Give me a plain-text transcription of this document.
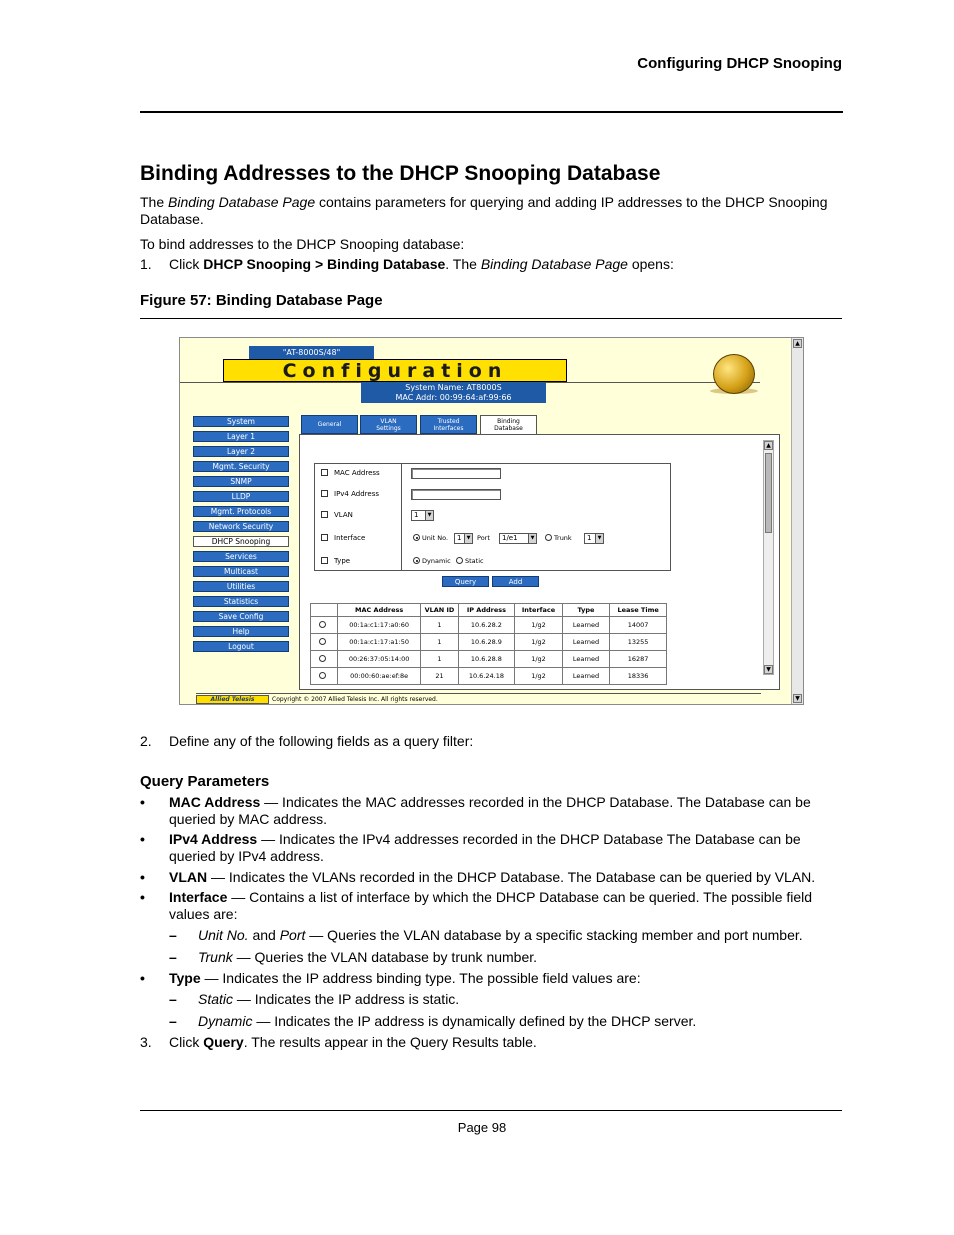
Configuring DHCP Snooping
Binding Addresses to the DHCP Snooping Database

The Binding Database Page contains parameters for querying and adding IP addresses to the DHCP Snooping Database.

To bind addresses to the DHCP Snooping database:

1. Click DHCP Snooping > Binding Database. The Binding Database Page opens:

Figure 57: Binding Database Page
"AT-8000S/48"
Configuration
System Name: AT8000S
MAC Addr: 00:99:64:af:99:66
▲
▼
System
Layer 1
Layer 2
Mgmt. Security
SNMP
LLDP
Mgmt. Protocols
Network Security
DHCP Snooping
Services
Multicast
Utilities
Statistics
Save Config
Help
Logout
General	VLAN
Settings
Trusted
Interfaces
Binding
Database
▲
▼
MAC Address
IPv4 Address
VLAN	1	▼
Interface	Unit No.	1	▼ Port	1/e1	▼	Trunk	1	▼
Type	Dynamic	Static
Query	Add
	MAC Address	VLAN ID	IP Address	Interface	Type	Lease Time
	00:1a:c1:17:a0:60	1	10.6.28.2	1/g2	Learned	14007
	00:1a:c1:17:a1:50	1	10.6.28.9	1/g2	Learned	13255
	00:26:37:05:14:00	1	10.6.28.8	1/g2	Learned	16287
	00:00:60:ae:ef:8e	21	10.6.24.18	1/g2	Learned	18336
Allied Telesis	Copyright © 2007 Allied Telesis Inc. All rights reserved.
2. Define any of the following fields as a query filter:

Query Parameters
• MAC Address — Indicates the MAC addresses recorded in the DHCP Database. The Database can be queried by MAC address.

• IPv4 Address — Indicates the IPv4 addresses recorded in the DHCP Database The Database can be queried by IPv4 address.

• VLAN — Indicates the VLANs recorded in the DHCP Database. The Database can be queried by VLAN.

• Interface — Contains a list of interface by which the DHCP Database can be queried. The possible field values are:

– Unit No. and Port — Queries the VLAN database by a specific stacking member and port number.

– Trunk — Queries the VLAN database by trunk number.

• Type — Indicates the IP address binding type. The possible field values are:

– Static — Indicates the IP address is static.

– Dynamic — Indicates the IP address is dynamically defined by the DHCP server.

3. Click Query. The results appear in the Query Results table.

Page 98
